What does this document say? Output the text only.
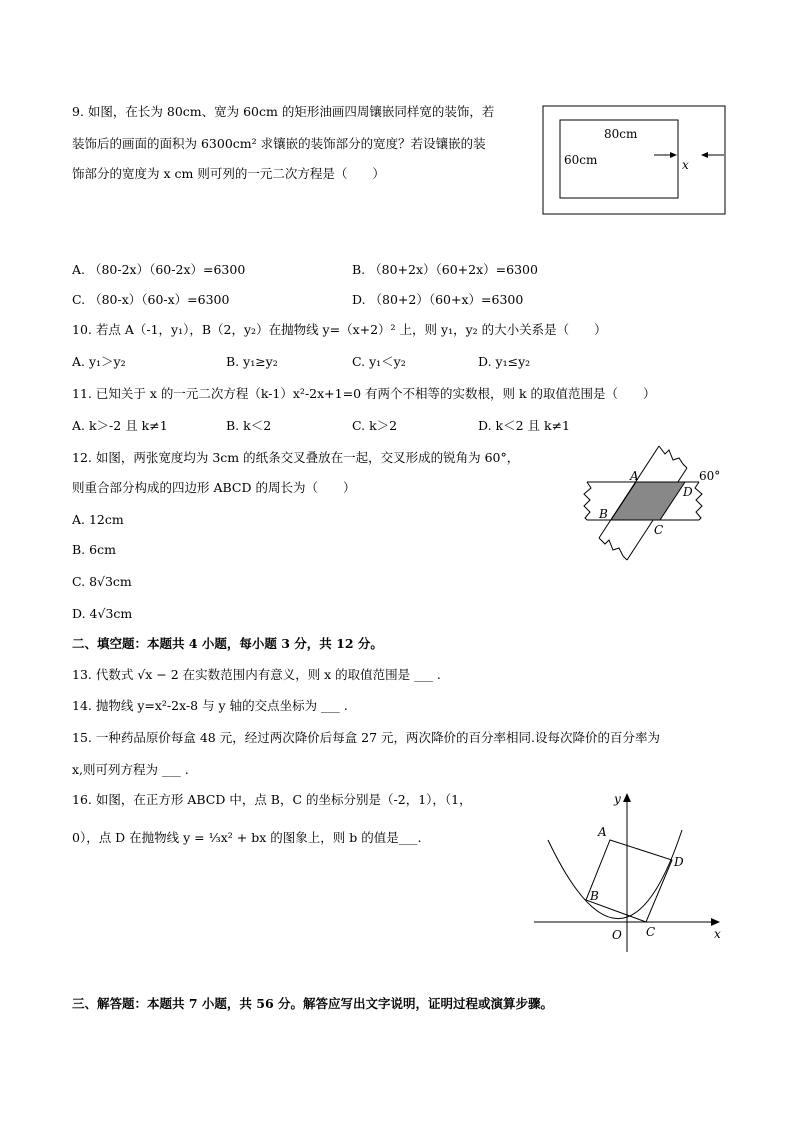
9. 如图，在长为 80cm、宽为 60cm 的矩形油画四周镶嵌同样宽的装饰，若
装饰后的画面的面积为 6300cm² 求镶嵌的装饰部分的宽度？若设镶嵌的装
饰部分的宽度为 x cm 则可列的一元二次方程是（　　）
80cm
60cm	x
A. （80-2x）（60-2x）=6300	B. （80+2x）（60+2x）=6300
C. （80-x）（60-x）=6300	D. （80+2）（60+x）=6300
10. 若点 A（-1，y₁），B（2，y₂）在抛物线 y=（x+2）² 上，则 y₁，y₂ 的大小关系是（　　）
A. y₁＞y₂	B. y₁≥y₂	C. y₁＜y₂	D. y₁≤y₂
11. 已知关于 x 的一元二次方程（k-1）x²-2x+1=0 有两个不相等的实数根，则 k 的取值范围是（　　）
A. k＞-2 且 k≠1	B. k＜2	C. k＞2	D. k＜2 且 k≠1
12. 如图，两张宽度均为 3cm 的纸条交叉叠放在一起，交叉形成的锐角为 60°，
则重合部分构成的四边形 ABCD 的周长为（　　）
A. 12cm
B. 6cm
C. 8√3cm
D. 4√3cm
A
B
C
D
60°
二、填空题：本题共 4 小题，每小题 3 分，共 12 分。
13. 代数式 √x − 2 在实数范围内有意义，则 x 的取值范围是 ___ .
14. 抛物线 y=x²-2x-8 与 y 轴的交点坐标为 ___ .
15. 一种药品原价每盒 48 元，经过两次降价后每盒 27 元，两次降价的百分率相同.设每次降价的百分率为
x,则可列方程为 ___ .
16. 如图，在正方形 ABCD 中，点 B，C 的坐标分别是（-2，1），（1，
0），点 D 在抛物线 y = ⅓x² + bx 的图象上，则 b 的值是___.
x
y
O
A
B
C
D
三、解答题：本题共 7 小题，共 56 分。解答应写出文字说明，证明过程或演算步骤。
